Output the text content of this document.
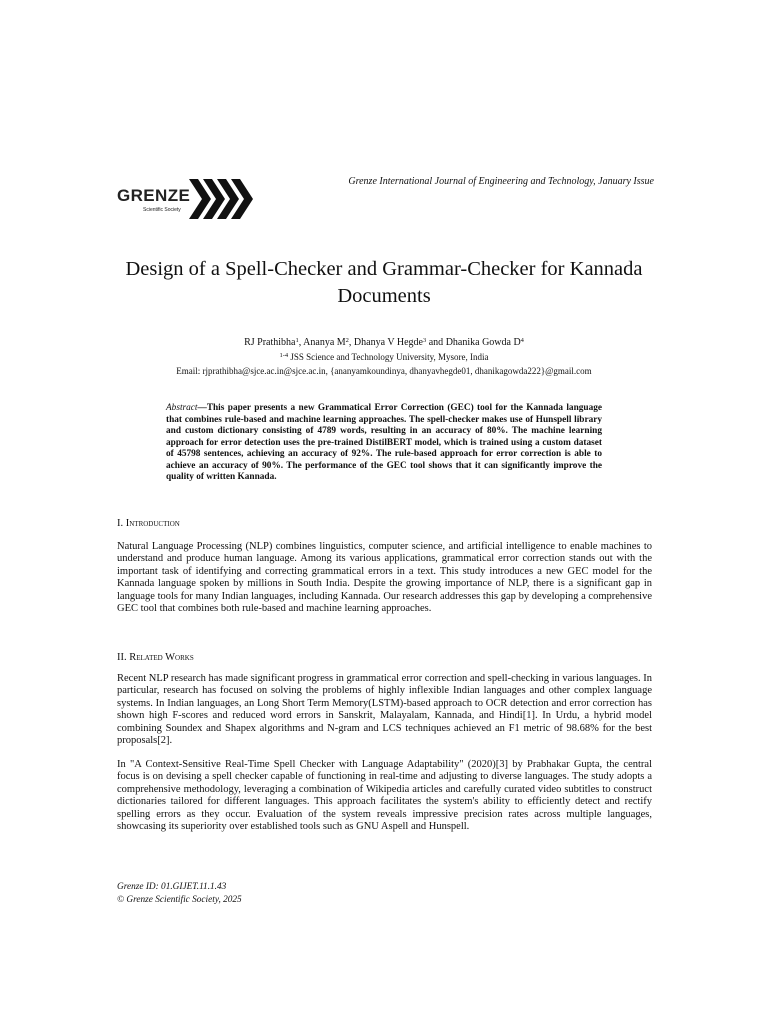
GRENZE
Scientific Society
Grenze International Journal of Engineering and Technology, January Issue
Design of a Spell-Checker and Grammar-Checker for Kannada Documents
RJ Prathibha$^1$, Ananya $M^2$, Dhanya V Hegde$^3$ and Dhanika Gowda $D^4$
$^{1-4}$ JSS Science and Technology University, Mysore, India
Email: rjprathibha@sjce.ac.in@sjce.ac.in, {ananyamkoundinya, dhanyavhegde01, dhanikagowda222}@gmail.com

Abstract—This paper presents a new Grammatical Error Correction (GEC) tool for the Kannada language that combines rule-based and machine learning approaches. The spell-checker makes use of Hunspell library and custom dictionary consisting of 4789 words, resulting in an accuracy of 80%. The machine learning approach for error detection uses the pre-trained DistilBERT model, which is trained using a custom dataset of 45798 sentences, achieving an accuracy of 92%. The rule-based approach for error correction is able to achieve an accuracy of 90%. The performance of the GEC tool shows that it can significantly improve the quality of written Kannada.

I. Introduction

Natural Language Processing (NLP) combines linguistics, computer science, and artificial intelligence to enable machines to understand and produce human language. Among its various applications, grammatical error correction stands out with the important task of identifying and correcting grammatical errors in a text. This study introduces a new GEC model for the Kannada language spoken by millions in South India. Despite the growing importance of NLP, there is a significant gap in language tools for many Indian languages, including Kannada. Our research addresses this gap by developing a comprehensive GEC tool that combines both rule-based and machine learning approaches.

II. Related Works

Recent NLP research has made significant progress in grammatical error correction and spell-checking in various languages. In particular, research has focused on solving the problems of highly inflexible Indian languages and other complex language systems. In Indian languages, an Long Short Term Memory(LSTM)-based approach to OCR detection and error correction has shown high F-scores and reduced word errors in Sanskrit, Malayalam, Kannada, and Hindi[1]. In Urdu, a hybrid model combining Soundex and Shapex algorithms and N-gram and LCS techniques achieved an F1 metric of 98.68% for the best proposals[2].

In "A Context-Sensitive Real-Time Spell Checker with Language Adaptability" (2020)[3] by Prabhakar Gupta, the central focus is on devising a spell checker capable of functioning in real-time and adjusting to diverse languages. The study adopts a comprehensive methodology, leveraging a combination of Wikipedia articles and carefully curated video subtitles to construct dictionaries tailored for different languages. This approach facilitates the system's ability to efficiently detect and rectify spelling errors as they occur. Evaluation of the system reveals impressive precision rates across multiple languages, showcasing its superiority over established tools such as GNU Aspell and Hunspell.

Grenze ID: 01.GIJET.11.1.43
© Grenze Scientific Society, 2025
